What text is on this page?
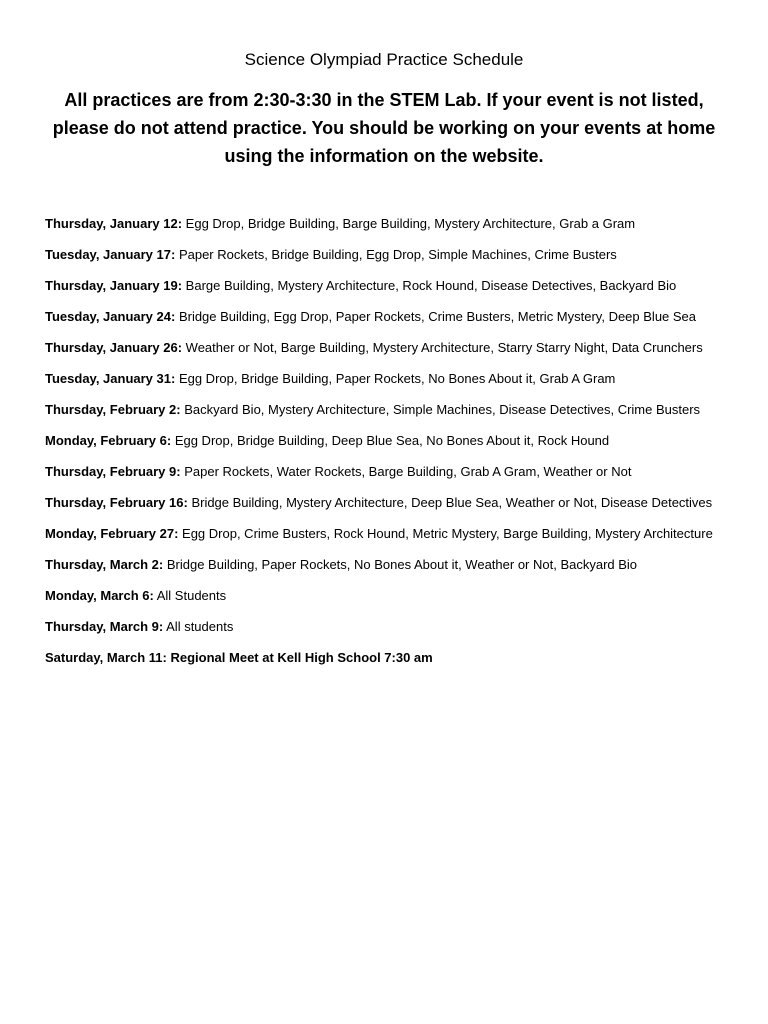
Science Olympiad Practice Schedule
All practices are from 2:30-3:30 in the STEM Lab. If your event is not listed, please do not attend practice. You should be working on your events at home using the information on the website.
Thursday, January 12: Egg Drop, Bridge Building, Barge Building, Mystery Architecture, Grab a Gram
Tuesday, January 17: Paper Rockets, Bridge Building, Egg Drop, Simple Machines, Crime Busters
Thursday, January 19: Barge Building, Mystery Architecture, Rock Hound, Disease Detectives, Backyard Bio
Tuesday, January 24: Bridge Building, Egg Drop, Paper Rockets, Crime Busters, Metric Mystery, Deep Blue Sea
Thursday, January 26: Weather or Not, Barge Building, Mystery Architecture, Starry Starry Night, Data Crunchers
Tuesday, January 31: Egg Drop, Bridge Building, Paper Rockets, No Bones About it, Grab A Gram
Thursday, February 2: Backyard Bio, Mystery Architecture, Simple Machines, Disease Detectives, Crime Busters
Monday, February 6: Egg Drop, Bridge Building, Deep Blue Sea, No Bones About it, Rock Hound
Thursday, February 9: Paper Rockets, Water Rockets, Barge Building, Grab A Gram, Weather or Not
Thursday, February 16: Bridge Building, Mystery Architecture, Deep Blue Sea, Weather or Not, Disease Detectives
Monday, February 27: Egg Drop, Crime Busters, Rock Hound, Metric Mystery, Barge Building, Mystery Architecture
Thursday, March 2: Bridge Building, Paper Rockets, No Bones About it, Weather or Not, Backyard Bio
Monday, March 6: All Students
Thursday, March 9: All students
Saturday, March 11: Regional Meet at Kell High School 7:30 am
